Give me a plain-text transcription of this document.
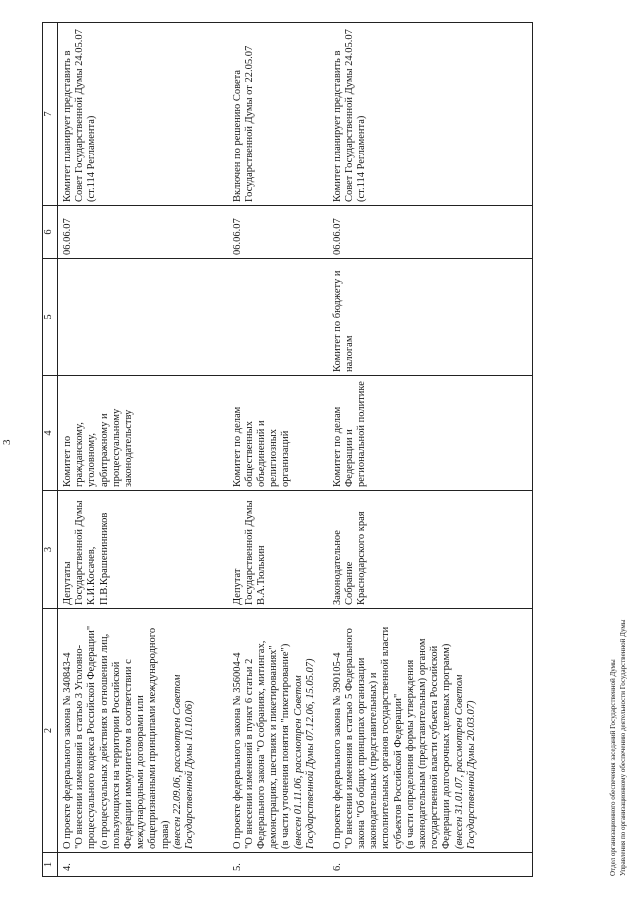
3
1	2	3	4	5	6	7
4.	О проекте федерального закона № 340843-4 "О внесении изменений в статью 3 Уголовно-процессуального кодекса Российской Федерации" (о процессуальных действиях в отношении лиц, пользующихся на территории Российской Федерации иммунитетом в соответствии с международными договорами или общепризнанными принципами международного права) (внесен 22.09.06, рассмотрен Советом Государственной Думы 10.10.06)	Депутаты Государственной Думы К.И.Косачев, П.В.Крашенинников	Комитет по гражданскому, уголовному, арбитражному и процессуальному законодательству		06.06.07	Комитет планирует представить в Совет Государственной Думы 24.05.07 (ст.114 Регламента)
5.	О проекте федерального закона № 356004-4 "О внесении изменений в пункт 6 статьи 2 Федерального закона "О собраниях, митингах, демонстрациях, шествиях и пикетированиях" (в части уточнения понятия "пикетирование") (внесен 01.11.06, рассмотрен Советом Государственной Думы 07.12.06, 15.05.07)	Депутат Государственной Думы В.А.Тюлькин	Комитет по делам общественных объединений и религиозных организаций		06.06.07	Включен по решению Совета Государственной Думы от 22.05.07
6.	О проекте федерального закона № 390105-4 "О внесении изменения в статью 5 Федерального закона "Об общих принципах организации законодательных (представительных) и исполнительных органов государственной власти субъектов Российской Федерации" (в части определения формы утверждения законодательным (представительным) органом государственной власти субъекта Российской Федерации долгосрочных целевых программ) (внесен 31.01.07, рассмотрен Советом Государственной Думы 20.03.07)	Законодательное Собрание Краснодарского края	Комитет по делам Федерации и региональной политике	Комитет по бюджету и налогам	06.06.07	Комитет планирует представить в Совет Государственной Думы 24.05.07 (ст.114 Регламента)
Отдел организационного обеспечения заседаний Государственной Думы Управления по организационному обеспечению деятельности Государственной Думы
